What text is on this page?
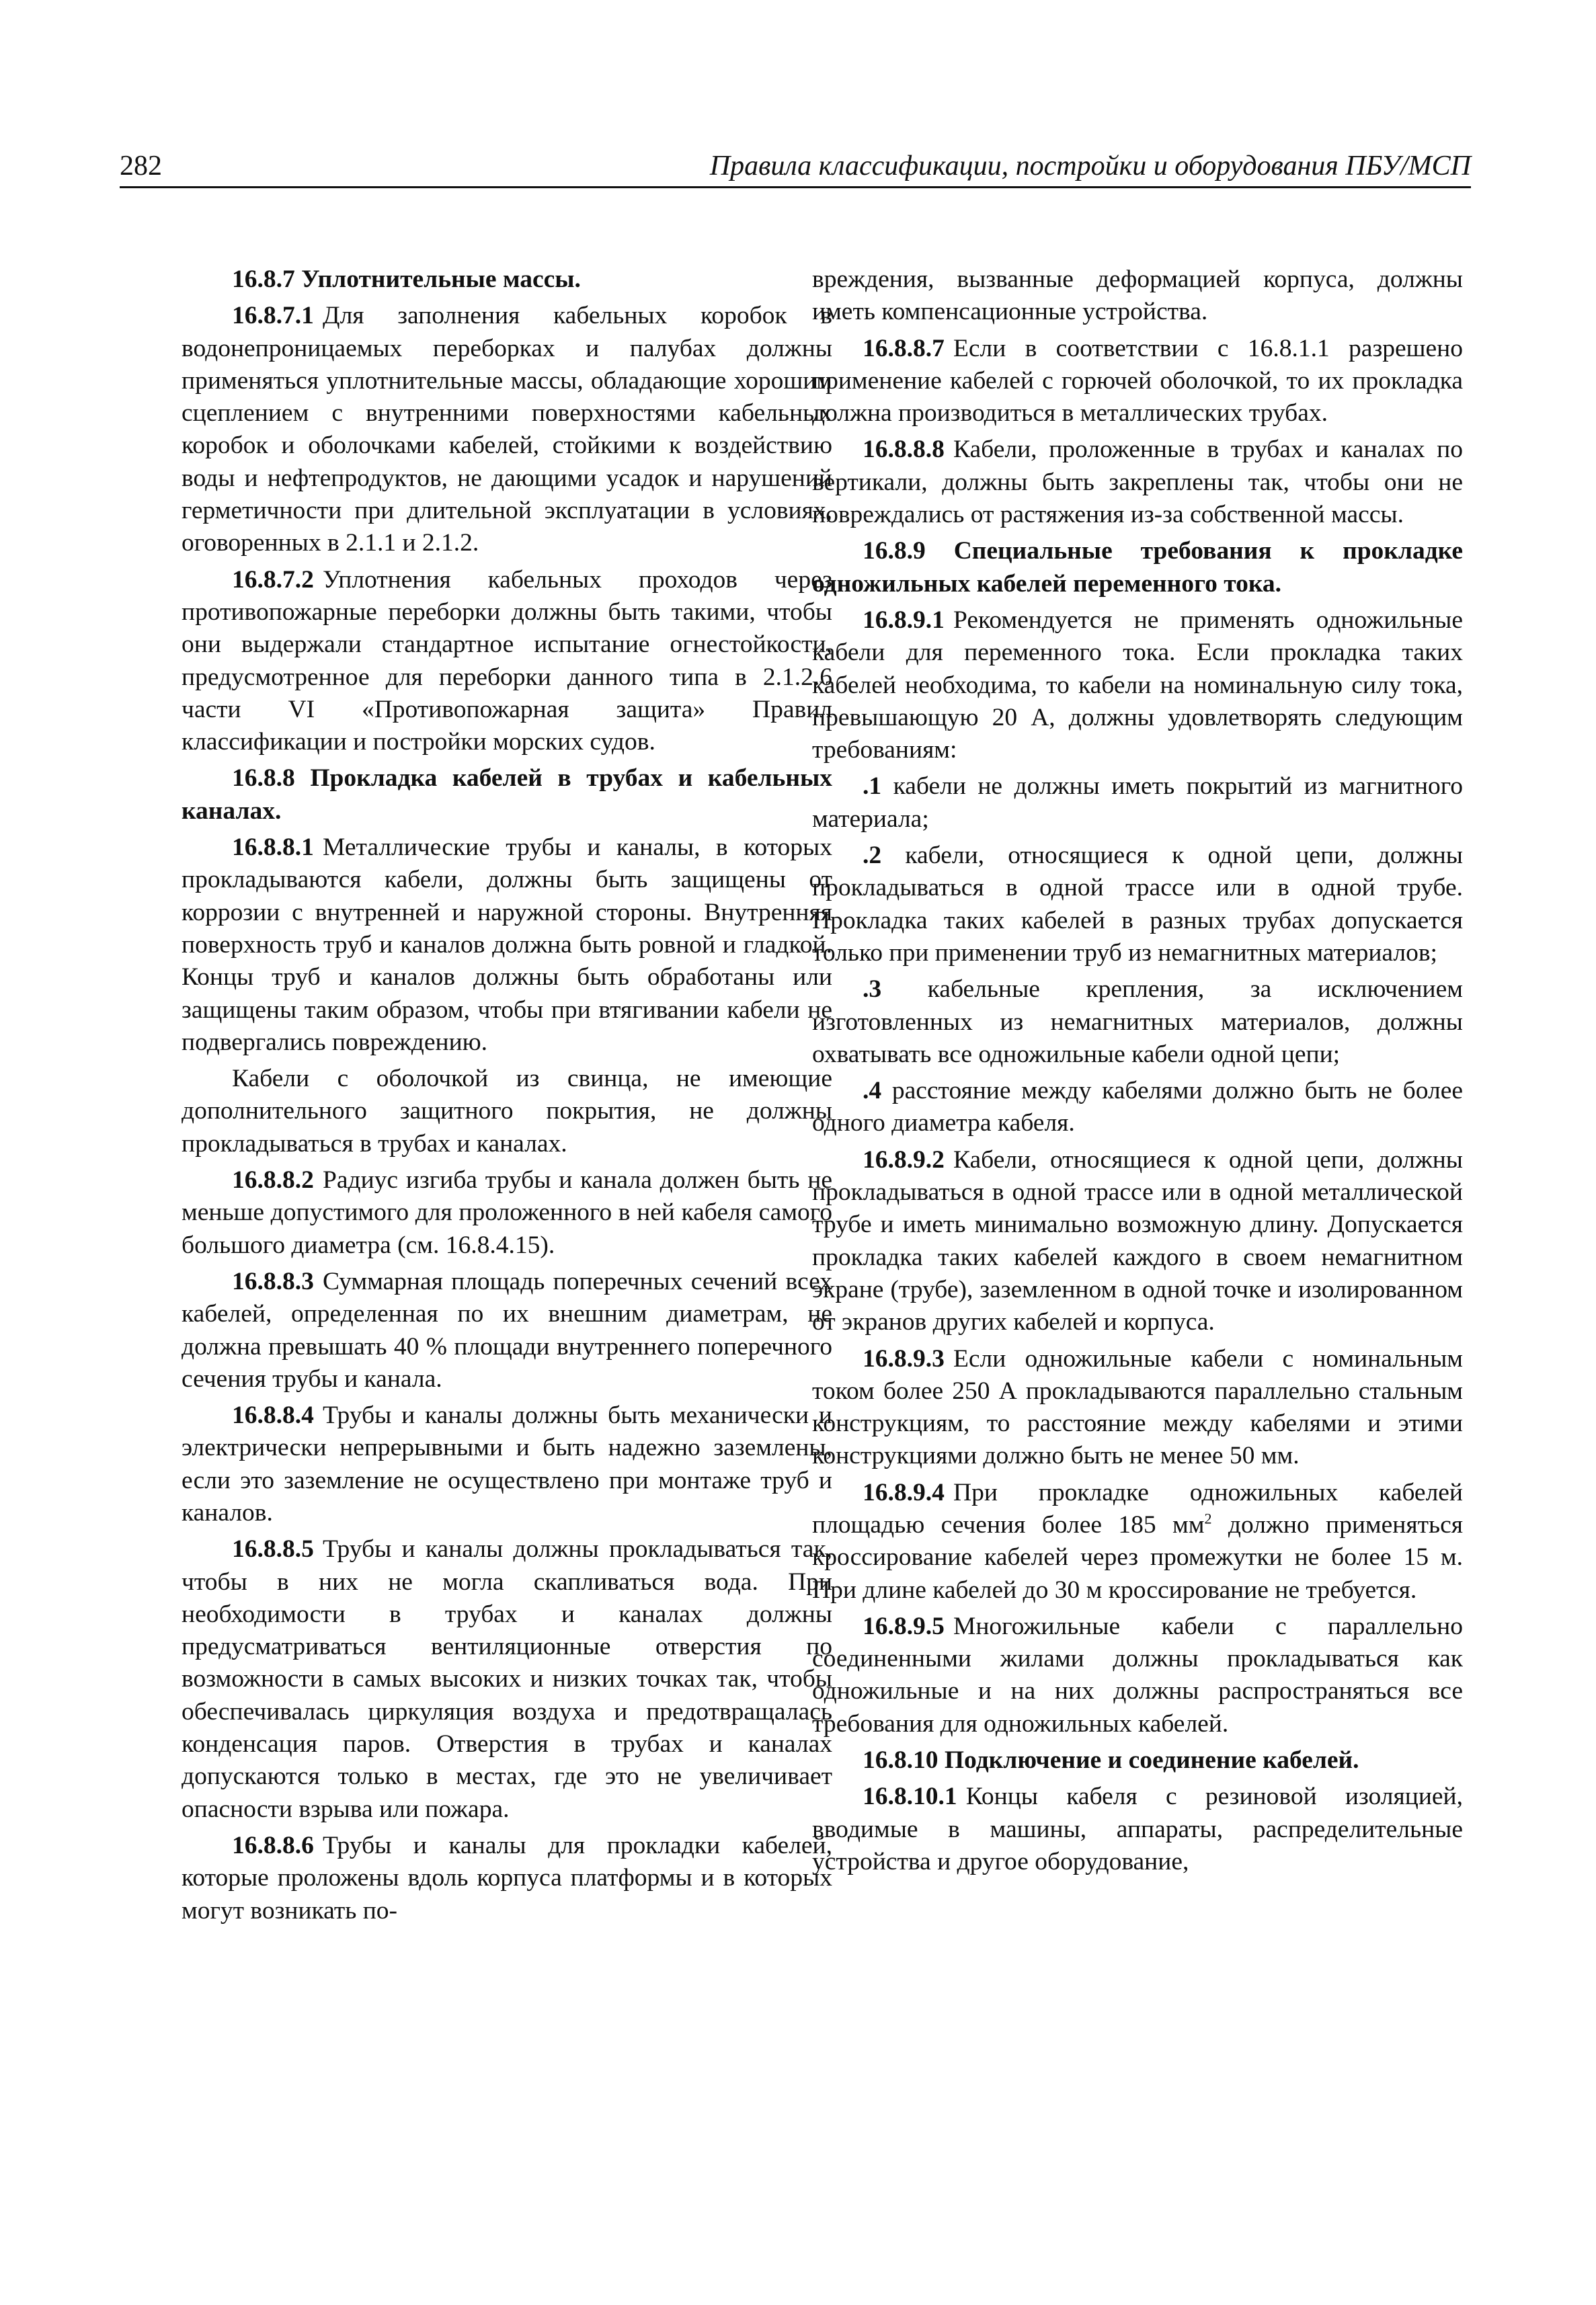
282	Правила классификации, постройки и оборудования ПБУ/МСП

16.8.7 Уплотнительные массы.

16.8.7.1 Для заполнения кабельных коробок в водонепроницаемых переборках и палубах должны применяться уплотнительные массы, обладающие хорошим сцеплением с внутренними поверхностями кабельных коробок и оболочками кабелей, стойкими к воздействию воды и нефтепродуктов, не дающими усадок и нарушений герметичности при длительной эксплуатации в условиях, оговоренных в 2.1.1 и 2.1.2.

16.8.7.2 Уплотнения кабельных проходов через противопожарные переборки должны быть такими, чтобы они выдержали стандартное испытание огнестойкости, предусмотренное для переборки данного типа в 2.1.2.6 части VI «Противопожарная защита» Правил классификации и постройки морских судов.

16.8.8 Прокладка кабелей в трубах и кабельных каналах.

16.8.8.1 Металлические трубы и каналы, в которых прокладываются кабели, должны быть защищены от коррозии с внутренней и наружной стороны. Внутренняя поверхность труб и каналов должна быть ровной и гладкой. Концы труб и каналов должны быть обработаны или защищены таким образом, чтобы при втягивании кабели не подвергались повреждению.

Кабели с оболочкой из свинца, не имеющие дополнительного защитного покрытия, не должны прокладываться в трубах и каналах.

16.8.8.2 Радиус изгиба трубы и канала должен быть не меньше допустимого для проложенного в ней кабеля самого большого диаметра (см. 16.8.4.15).

16.8.8.3 Суммарная площадь поперечных сечений всех кабелей, определенная по их внешним диаметрам, не должна превышать 40 % площади внутреннего поперечного сечения трубы и канала.

16.8.8.4 Трубы и каналы должны быть механически и электрически непрерывными и быть надежно заземлены, если это заземление не осуществлено при монтаже труб и каналов.

16.8.8.5 Трубы и каналы должны прокладываться так, чтобы в них не могла скапливаться вода. При необходимости в трубах и каналах должны предусматриваться вентиляционные отверстия по возможности в самых высоких и низких точках так, чтобы обеспечивалась циркуляция воздуха и предотвращалась конденсация паров. Отверстия в трубах и каналах допускаются только в местах, где это не увеличивает опасности взрыва или пожара.

16.8.8.6 Трубы и каналы для прокладки кабелей, которые проложены вдоль корпуса платформы и в которых могут возникать по-

вреждения, вызванные деформацией корпуса, должны иметь компенсационные устройства.

16.8.8.7 Если в соответствии с 16.8.1.1 разрешено применение кабелей с горючей оболочкой, то их прокладка должна производиться в металлических трубах.

16.8.8.8 Кабели, проложенные в трубах и каналах по вертикали, должны быть закреплены так, чтобы они не повреждались от растяжения из-за собственной массы.

16.8.9 Специальные требования к прокладке одножильных кабелей переменного тока.

16.8.9.1 Рекомендуется не применять одножильные кабели для переменного тока. Если прокладка таких кабелей необходима, то кабели на номинальную силу тока, превышающую 20 А, должны удовлетворять следующим требованиям:

.1 кабели не должны иметь покрытий из магнитного материала;

.2 кабели, относящиеся к одной цепи, должны прокладываться в одной трассе или в одной трубе. Прокладка таких кабелей в разных трубах допускается только при применении труб из немагнитных материалов;

.3 кабельные крепления, за исключением изготовленных из немагнитных материалов, должны охватывать все одножильные кабели одной цепи;

.4 расстояние между кабелями должно быть не более одного диаметра кабеля.

16.8.9.2 Кабели, относящиеся к одной цепи, должны прокладываться в одной трассе или в одной металлической трубе и иметь минимально возможную длину. Допускается прокладка таких кабелей каждого в своем немагнитном экране (трубе), заземленном в одной точке и изолированном от экранов других кабелей и корпуса.

16.8.9.3 Если одножильные кабели с номинальным током более 250 А прокладываются параллельно стальным конструкциям, то расстояние между кабелями и этими конструкциями должно быть не менее 50 мм.

16.8.9.4 При прокладке одножильных кабелей площадью сечения более 185 $мм^2$ должно применяться кроссирование кабелей через промежутки не более 15 м. При длине кабелей до 30 м кроссирование не требуется.

16.8.9.5 Многожильные кабели с параллельно соединенными жилами должны прокладываться как одножильные и на них должны распространяться все требования для одножильных кабелей.

16.8.10 Подключение и соединение кабелей.

16.8.10.1 Концы кабеля с резиновой изоляцией, вводимые в машины, аппараты, распределительные устройства и другое оборудование,
